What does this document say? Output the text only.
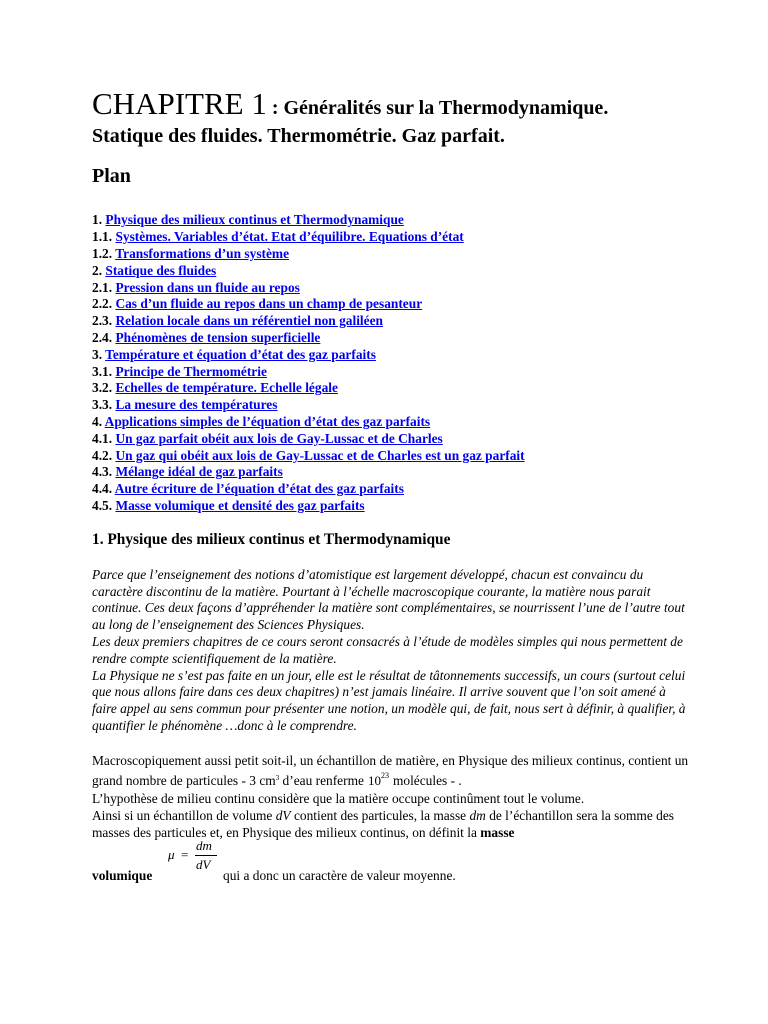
CHAPITRE 1 : Généralités sur la Thermodynamique.
Statique des fluides. Thermométrie. Gaz parfait.
Plan
1. Physique des milieux continus et Thermodynamique
1.1. Systèmes. Variables d’état. Etat d’équilibre. Equations d’état
1.2. Transformations d’un système
2. Statique des fluides
2.1. Pression dans un fluide au repos
2.2. Cas d’un fluide au repos dans un champ de pesanteur
2.3. Relation locale dans un référentiel non galiléen
2.4. Phénomènes de tension superficielle
3. Température et équation d’état des gaz parfaits
3.1. Principe de Thermométrie
3.2. Echelles de température. Echelle légale
3.3. La mesure des températures
4. Applications simples de l’équation d’état des gaz parfaits
4.1. Un gaz parfait obéit aux lois de Gay-Lussac et de Charles
4.2. Un gaz qui obéit aux lois de Gay-Lussac et de Charles est un gaz parfait
4.3. Mélange idéal de gaz parfaits
4.4. Autre écriture de l’équation d’état des gaz parfaits
4.5. Masse volumique et densité des gaz parfaits
1. Physique des milieux continus et Thermodynamique

Parce que l’enseignement des notions d’atomistique est largement développé, chacun est convaincu du caractère discontinu de la matière. Pourtant à l’échelle macroscopique courante, la matière nous parait continue. Ces deux façons d’appréhender la matière sont complémentaires, se nourrissent l’une de l’autre tout au long de l’enseignement des Sciences Physiques.

Les deux premiers chapitres de ce cours seront consacrés à l’étude de modèles simples qui nous permettent de rendre compte scientifiquement de la matière.

La Physique ne s’est pas faite en un jour, elle est le résultat de tâtonnements successifs, un cours (surtout celui que nous allons faire dans ces deux chapitres) n’est jamais linéaire. Il arrive souvent que l’on soit amené à faire appel au sens commun pour présenter une notion, un modèle qui, de fait, nous sert à définir, à qualifier, à quantifier le phénomène …donc à le comprendre.

Macroscopiquement aussi petit soit-il, un échantillon de matière, en Physique des milieux continus, contient un grand nombre de particules - 3 $cm^3$ d’eau renferme $10^{23}$ molécules - .

L’hypothèse de milieu continu considère que la matière occupe continûment tout le volume.

Ainsi si un échantillon de volume dV contient des particules, la masse dm de l’échantillon sera la somme des masses des particules et, en Physique des milieux continus, on définit la masse

volumique
μ =
dm
dV
qui a donc un caractère de valeur moyenne.
